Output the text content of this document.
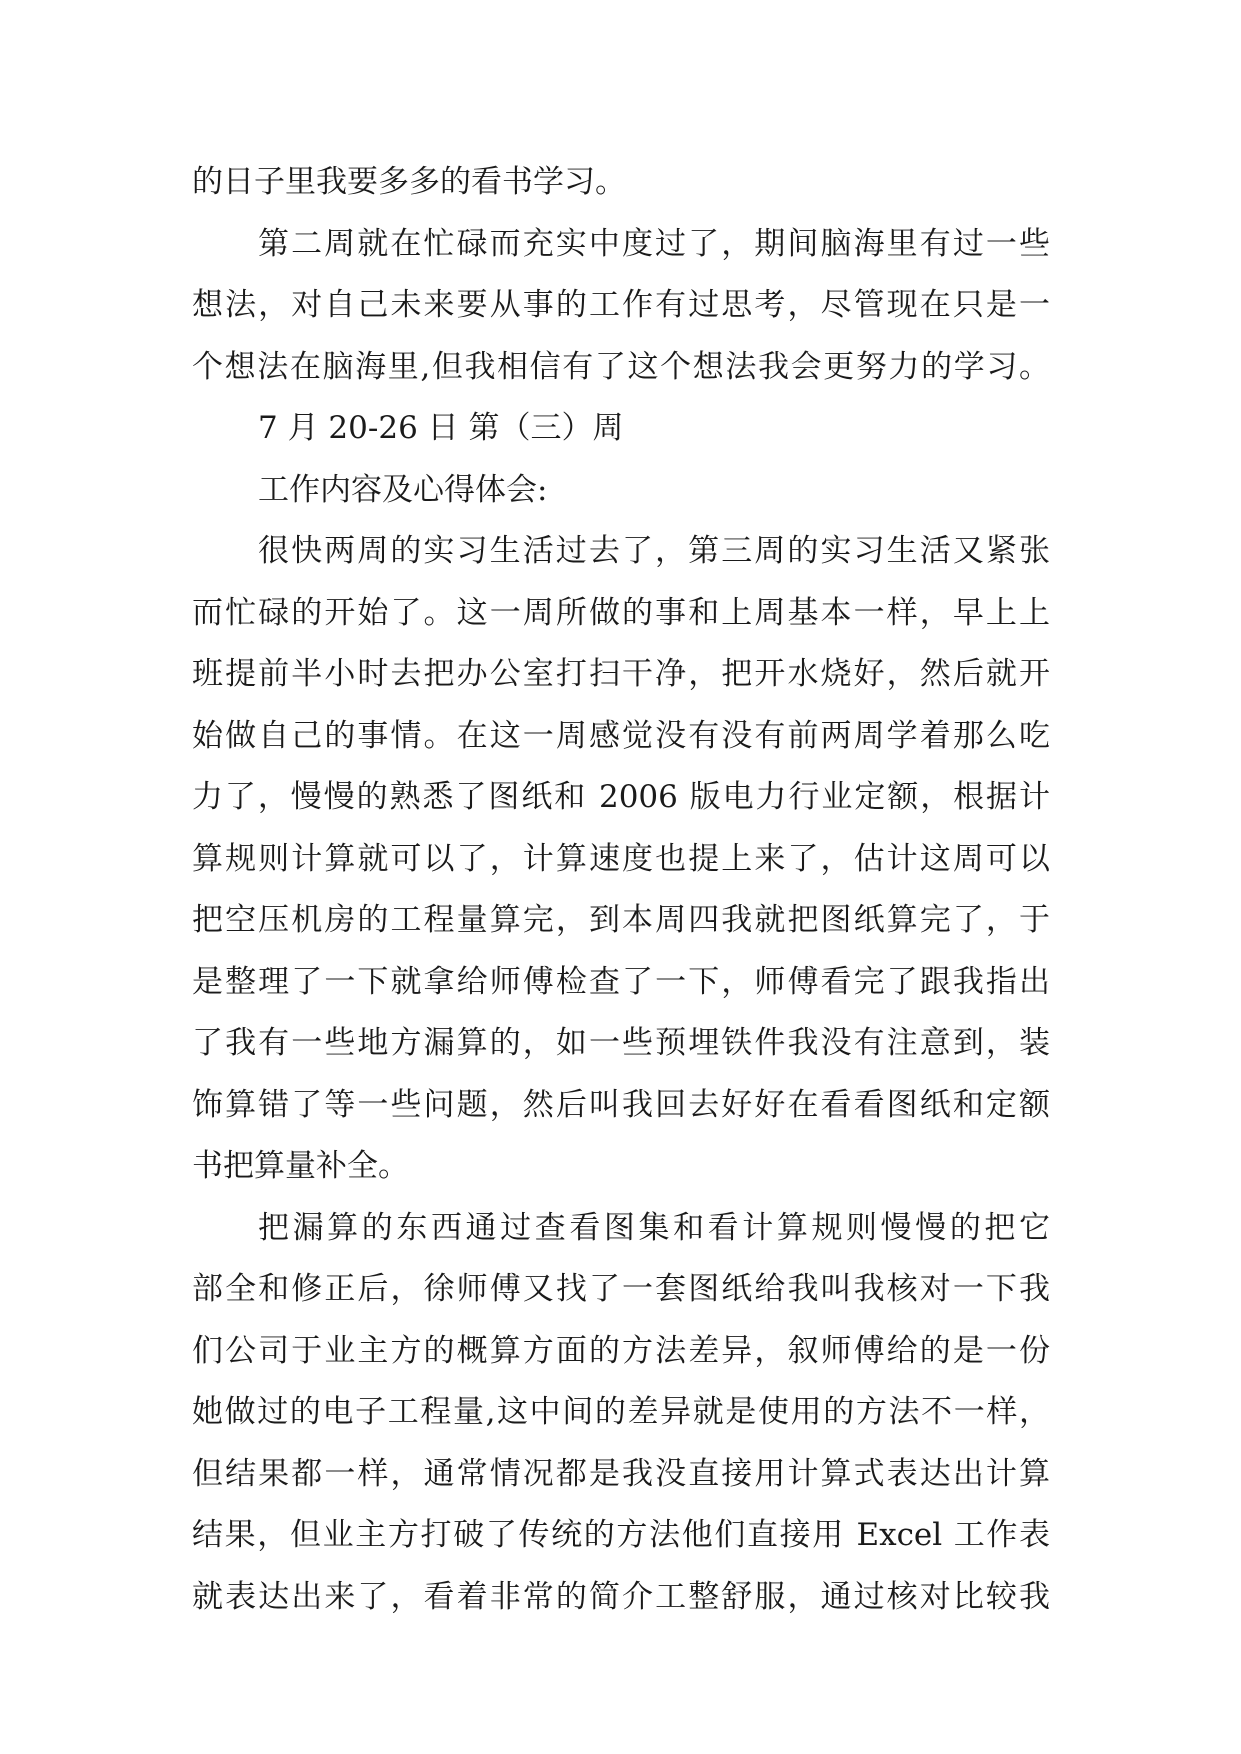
的日子里我要多多的看书学习。
第二周就在忙碌而充实中度过了，期间脑海里有过一些
想法，对自己未来要从事的工作有过思考，尽管现在只是一
个想法在脑海里,但我相信有了这个想法我会更努力的学习。
7 月 20-26 日 第（三）周
工作内容及心得体会:
很快两周的实习生活过去了，第三周的实习生活又紧张
而忙碌的开始了。这一周所做的事和上周基本一样，早上上
班提前半小时去把办公室打扫干净，把开水烧好，然后就开
始做自己的事情。在这一周感觉没有没有前两周学着那么吃
力了，慢慢的熟悉了图纸和 2006 版电力行业定额，根据计
算规则计算就可以了，计算速度也提上来了，估计这周可以
把空压机房的工程量算完，到本周四我就把图纸算完了，于
是整理了一下就拿给师傅检查了一下，师傅看完了跟我指出
了我有一些地方漏算的，如一些预埋铁件我没有注意到，装
饰算错了等一些问题，然后叫我回去好好在看看图纸和定额
书把算量补全。
把漏算的东西通过查看图集和看计算规则慢慢的把它
部全和修正后，徐师傅又找了一套图纸给我叫我核对一下我
们公司于业主方的概算方面的方法差异，叙师傅给的是一份
她做过的电子工程量,这中间的差异就是使用的方法不一样，
但结果都一样，通常情况都是我没直接用计算式表达出计算
结果，但业主方打破了传统的方法他们直接用 Excel 工作表
就表达出来了，看着非常的简介工整舒服，通过核对比较我
